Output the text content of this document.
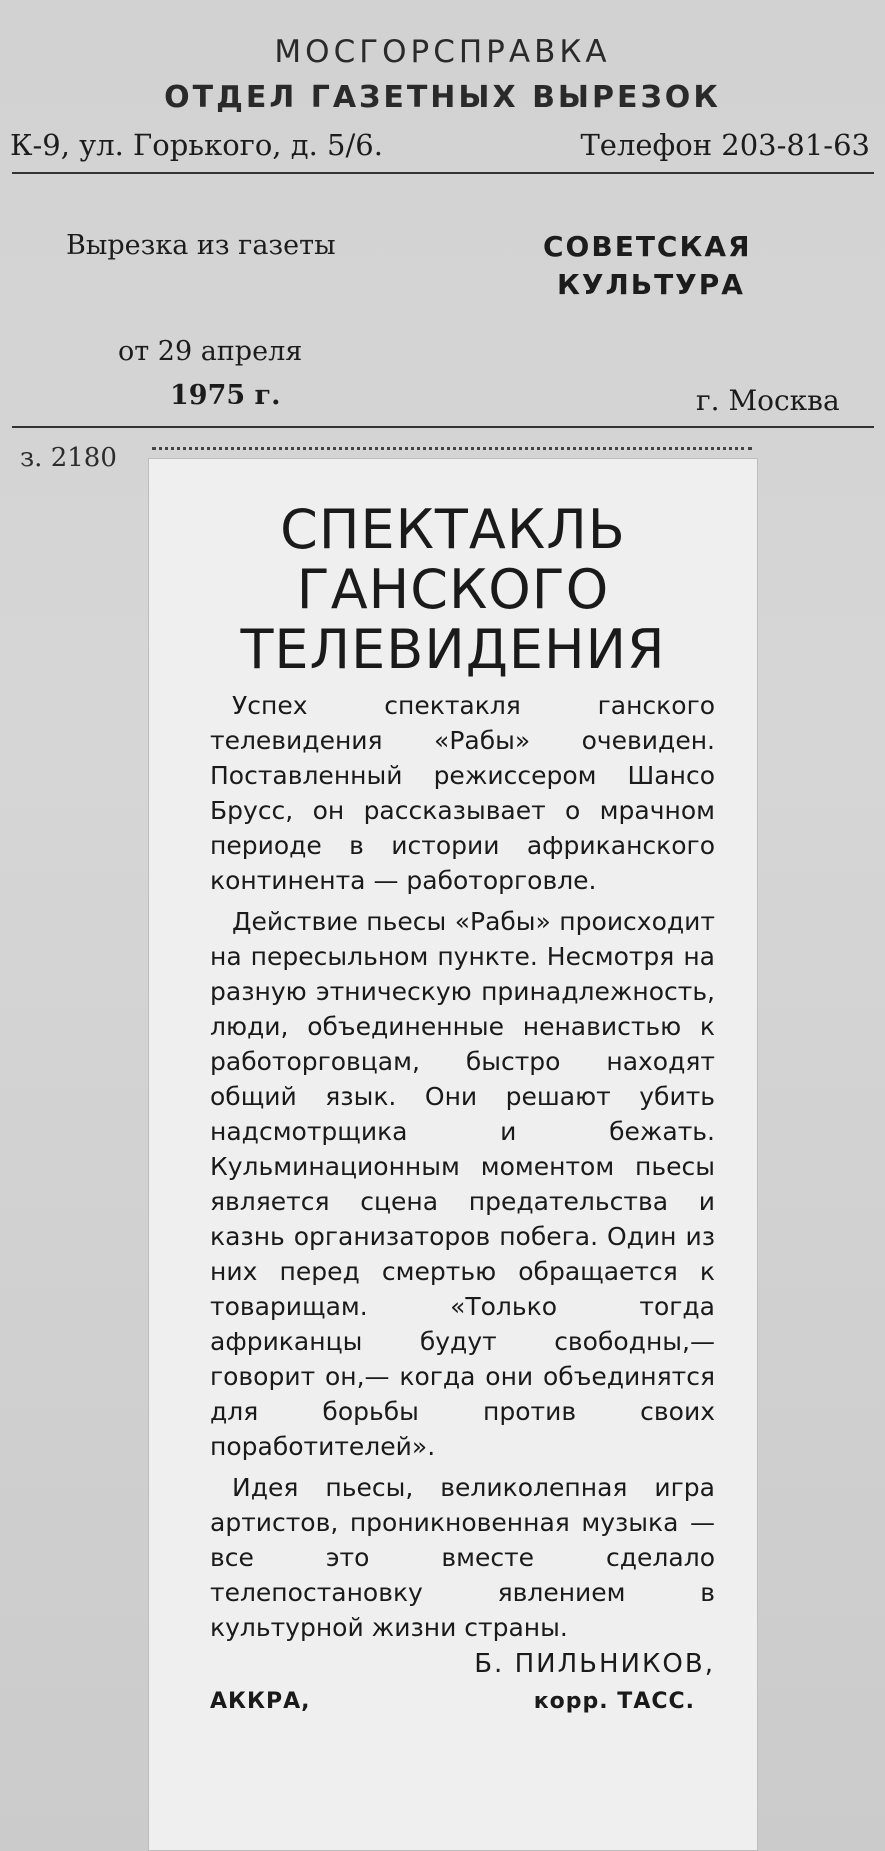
МОСГОРСПРАВКА
ОТДЕЛ ГАЗЕТНЫХ ВЫРЕЗОК
К-9, ул. Горького, д. 5/6.	Телефон 203-81-63
Вырезка из газеты	СОВЕТСКАЯ
КУЛЬТУРА
от 29 апреля
1975 г.	г. Москва
з. 2180
СПЕКТАКЛЬ
ГАНСКОГО
ТЕЛЕВИДЕНИЯ

Успех спектакля ганского телевидения «Рабы» очевиден. Поставленный режиссером Шансо Брусс, он рассказывает о мрачном периоде в истории африканского континента — работорговле.

Действие пьесы «Рабы» происходит на пересыльном пункте. Несмотря на разную этническую принадлежность, люди, объединенные ненавистью к работорговцам, быстро находят общий язык. Они решают убить надсмотрщика и бежать. Кульминационным моментом пьесы является сцена предательства и казнь организаторов побега. Один из них перед смертью обращается к товарищам. «Только тогда африканцы будут свободны,— говорит он,— когда они объединятся для борьбы против своих поработителей».

Идея пьесы, великолепная игра артистов, проникновенная музыка — все это вместе сделало телепостановку явлением в культурной жизни страны.

Б. ПИЛЬНИКОВ,
АККРА,	корр. ТАСС.
